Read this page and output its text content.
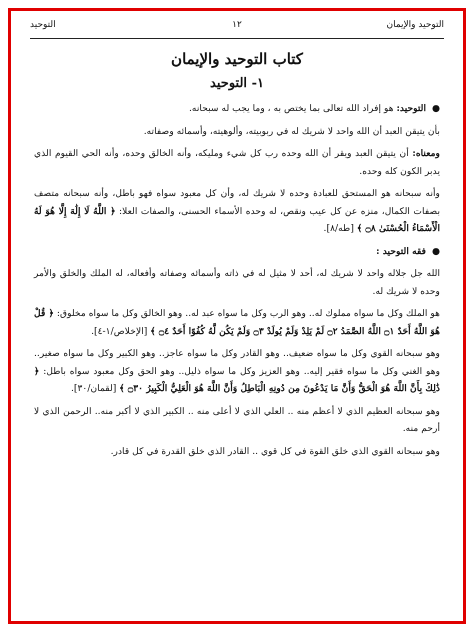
التوحيد والإيمان
١٢
التوحيد
كتاب التوحيد والإيمان
١- التوحيد

● التوحيد: هو إفراد الله تعالى بما يختص به ، وما يجب له سبحانه.

بأن يتيقن العبد أن الله واحد لا شريك له في ربوبيته، وألوهيته، وأسمائه وصفاته.

ومعناه: أن يتيقن العبد ويقر أن الله وحده رب كل شيء ومليكه، وأنه الخالق وحده، وأنه الحي القيوم الذي يدبر الكون كله وحده.

وأنه سبحانه هو المستحق للعبادة وحده لا شريك له، وأن كل معبود سواه فهو باطل، وأنه سبحانه متصف بصفات الكمال، منزه عن كل عيب ونقص، له وحده الأسماء الحسنى، والصفات العلا: ﴿ اللَّهُ لَا إِلَٰهَ إِلَّا هُوَ لَهُ الْأَسْمَاءُ الْحُسْنَىٰ ۝٨ ﴾ [طه/٨].

● فقه التوحيد :

الله جل جلاله واحد لا شريك له، أحد لا مثيل له في ذاته وأسمائه وصفاته وأفعاله، له الملك والخلق والأمر وحده لا شريك له.

هو الملك وكل ما سواه مملوك له.. وهو الرب وكل ما سواه عبد له.. وهو الخالق وكل ما سواه مخلوق: ﴿ قُلْ هُوَ اللَّهُ أَحَدٌ ۝١ اللَّهُ الصَّمَدُ ۝٢ لَمْ يَلِدْ وَلَمْ يُولَدْ ۝٣ وَلَمْ يَكُن لَّهُ كُفُوًا أَحَدٌ ۝٤ ﴾ [الإخلاص/١-٤].

وهو سبحانه القوي وكل ما سواه ضعيف.. وهو القادر وكل ما سواه عاجز.. وهو الكبير وكل ما سواه صغير.. وهو الغني وكل ما سواه فقير إليه.. وهو العزيز وكل ما سواه ذليل.. وهو الحق وكل معبود سواه باطل: ﴿ ذَٰلِكَ بِأَنَّ اللَّهَ هُوَ الْحَقُّ وَأَنَّ مَا يَدْعُونَ مِن دُونِهِ الْبَاطِلُ وَأَنَّ اللَّهَ هُوَ الْعَلِيُّ الْكَبِيرُ ۝٣٠ ﴾ [لقمان/٣٠].

وهو سبحانه العظيم الذي لا أعظم منه .. العلي الذي لا أعلى منه .. الكبير الذي لا أكبر منه.. الرحمن الذي لا أرحم منه.

وهو سبحانه القوي الذي خلق القوة في كل قوي .. القادر الذي خلق القدرة في كل قادر.
